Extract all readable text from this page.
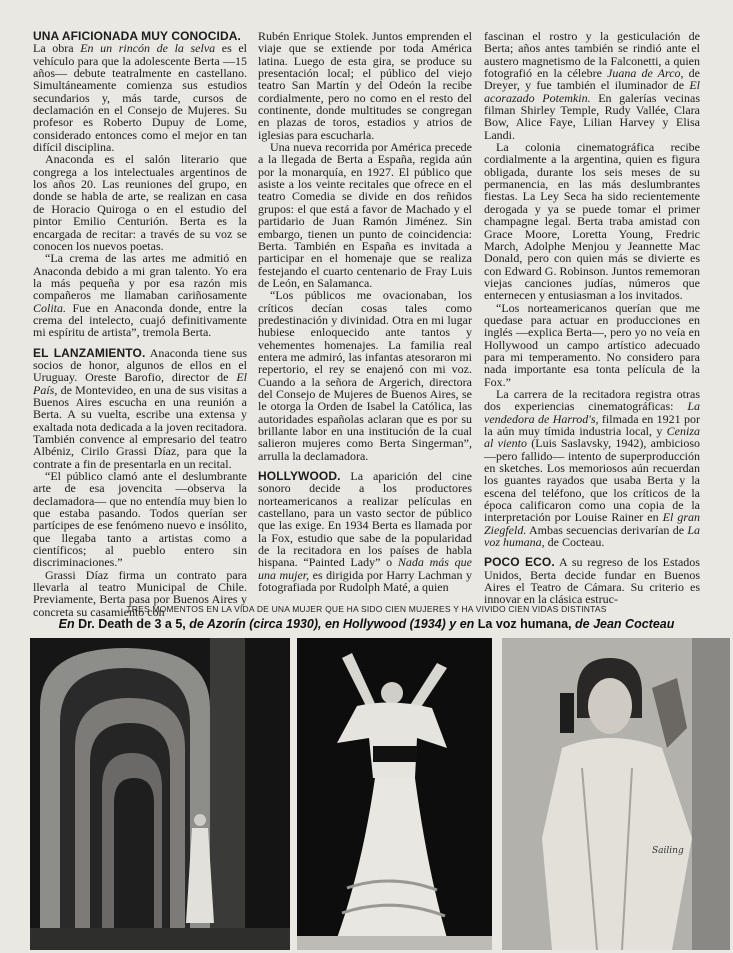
UNA AFICIONADA MUY CONOCIDA.
La obra En un rincón de la selva es el vehículo para que la adolescente Berta —15 años— debute teatralmente en castellano. Simultáneamente comienza sus estudios secundarios y, más tarde, cursos de declamación en el Consejo de Mujeres. Su profesor es Roberto Dupuy de Lome, considerado entonces como el mejor en tan difícil disciplina.

Anaconda es el salón literario que congrega a los intelectuales argentinos de los años 20. Las reuniones del grupo, en donde se habla de arte, se realizan en casa de Horacio Quiroga o en el estudio del pintor Emilio Centurión. Berta es la encargada de recitar: a través de su voz se conocen los nuevos poetas.

“La crema de las artes me admitió en Anaconda debido a mi gran talento. Yo era la más pequeña y por esa razón mis compañeros me llamaban cariñosamente Colita. Fue en Anaconda donde, entre la crema del intelecto, cuajó definitivamente mi espíritu de artista”, tremola Berta.

EL LANZAMIENTO. Anaconda tiene sus socios de honor, algunos de ellos en el Uruguay. Oreste Barofio, director de El País, de Montevideo, en una de sus visitas a Buenos Aires escucha en una reunión a Berta. A su vuelta, escribe una extensa y exaltada nota dedicada a la joven recitadora. También convence al empresario del teatro Albéniz, Cirilo Grassi Díaz, para que la contrate a fin de presentarla en un recital.

“El público clamó ante el deslumbrante arte de esa jovencita —observa la declamadora— que no entendía muy bien lo que estaba pasando. Todos querían ser partícipes de ese fenómeno nuevo e insólito, que llegaba tanto a artistas como a científicos; al pueblo entero sin discriminaciones.”

Grassi Díaz firma un contrato para llevarla al teatro Municipal de Chile. Previamente, Berta pasa por Buenos Aires y concreta su casamiento con

Rubén Enrique Stolek. Juntos emprenden el viaje que se extiende por toda América latina. Luego de esta gira, se produce su presentación local; el público del viejo teatro San Martín y del Odeón la recibe cordialmente, pero no como en el resto del continente, donde multitudes se congregan en plazas de toros, estadios y atrios de iglesias para escucharla.

Una nueva recorrida por América precede a la llegada de Berta a España, regida aún por la monarquía, en 1927. El público que asiste a los veinte recitales que ofrece en el teatro Comedia se divide en dos reñidos grupos: el que está a favor de Machado y el partidario de Juan Ramón Jiménez. Sin embargo, tienen un punto de coincidencia: Berta. También en España es invitada a participar en el homenaje que se realiza festejando el cuarto centenario de Fray Luis de León, en Salamanca.

“Los públicos me ovacionaban, los críticos decían cosas tales como predestinación y divinidad. Otra en mi lugar hubiese enloquecido ante tantos y vehementes homenajes. La familia real entera me admiró, las infantas atesoraron mi repertorio, el rey se enajenó con mi voz. Cuando a la señora de Argerich, directora del Consejo de Mujeres de Buenos Aires, se le otorga la Orden de Isabel la Católica, las autoridades españolas aclaran que es por su brillante labor en una institución de la cual salieron mujeres como Berta Singerman”, arrulla la declamadora.

HOLLYWOOD. La aparición del cine sonoro decide a los productores norteamericanos a realizar películas en castellano, para un vasto sector de público que las exige. En 1934 Berta es llamada por la Fox, estudio que sabe de la popularidad de la recitadora en los países de habla hispana. “Painted Lady” o Nada más que una mujer, es dirigida por Harry Lachman y fotografiada por Rudolph Maté, a quien

fascinan el rostro y la gesticulación de Berta; años antes también se rindió ante el austero magnetismo de la Falconetti, a quien fotografió en la célebre Juana de Arco, de Dreyer, y fue también el iluminador de El acorazado Potemkin. En galerías vecinas filman Shirley Temple, Rudy Vallée, Clara Bow, Alice Faye, Lilian Harvey y Elisa Landi.

La colonia cinematográfica recibe cordialmente a la argentina, quien es figura obligada, durante los seis meses de su permanencia, en las más deslumbrantes fiestas. La Ley Seca ha sido recientemente derogada y ya se puede tomar el primer champagne legal. Berta traba amistad con Grace Moore, Loretta Young, Fredric March, Adolphe Menjou y Jeannette Mac Donald, pero con quien más se divierte es con Edward G. Robinson. Juntos rememoran viejas canciones judías, números que enternecen y entusiasman a los invitados.

“Los norteamericanos querían que me quedase para actuar en producciones en inglés —explica Berta—, pero yo no veía en Hollywood un campo artístico adecuado para mi temperamento. No considero para nada importante esa tonta película de la Fox.”

La carrera de la recitadora registra otras dos experiencias cinematográficas: La vendedora de Harrod's, filmada en 1921 por la aún muy tímida industria local, y Ceniza al viento (Luis Saslavsky, 1942), ambicioso —pero fallido— intento de superproducción en sketches. Los memoriosos aún recuerdan los guantes rayados que usaba Berta y la escena del teléfono, que los críticos de la época calificaron como una copia de la interpretación por Louise Rainer en El gran Ziegfeld. Ambas secuencias derivarían de La voz humana, de Cocteau.

POCO ECO. A su regreso de los Estados Unidos, Berta decide fundar en Buenos Aires el Teatro de Cámara. Su criterio es innovar en la clásica estruc-

TRES MOMENTOS EN LA VIDA DE UNA MUJER QUE HA SIDO CIEN MUJERES Y HA VIVIDO CIEN VIDAS DISTINTAS
En Dr. Death de 3 a 5, de Azorín (circa 1930), en Hollywood (1934) y en La voz humana, de Jean Cocteau
Sailing
